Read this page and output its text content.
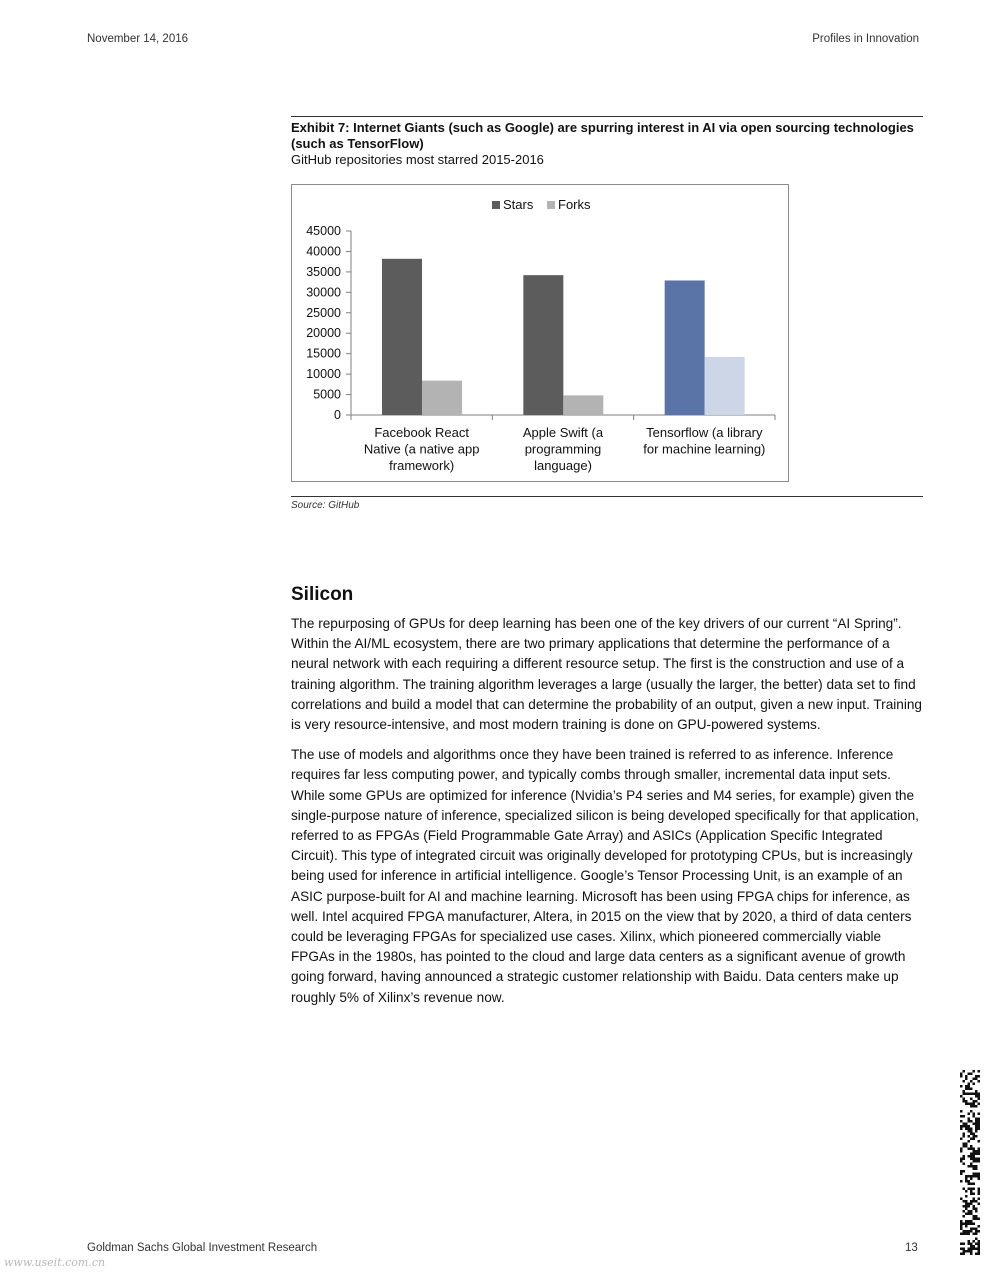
November 14, 2016	Profiles in Innovation
Exhibit 7: Internet Giants (such as Google) are spurring interest in AI via open sourcing technologies (such as TensorFlow)
GitHub repositories most starred 2015-2016
0
5000
10000
15000
20000
25000
30000
35000
40000
45000
Facebook React
Native (a native app
framework)
Apple Swift (a
programming
language)
Tensorflow (a library
for machine learning)
Stars Forks
Source: GitHub
Silicon

The repurposing of GPUs for deep learning has been one of the key drivers of our current “AI Spring”. Within the AI/ML ecosystem, there are two primary applications that determine the performance of a neural network with each requiring a different resource setup. The first is the construction and use of a training algorithm. The training algorithm leverages a large (usually the larger, the better) data set to find correlations and build a model that can determine the probability of an output, given a new input. Training is very resource-intensive, and most modern training is done on GPU-powered systems.

The use of models and algorithms once they have been trained is referred to as inference. Inference requires far less computing power, and typically combs through smaller, incremental data input sets. While some GPUs are optimized for inference (Nvidia’s P4 series and M4 series, for example) given the single-purpose nature of inference, specialized silicon is being developed specifically for that application, referred to as FPGAs (Field Programmable Gate Array) and ASICs (Application Specific Integrated Circuit). This type of integrated circuit was originally developed for prototyping CPUs, but is increasingly being used for inference in artificial intelligence. Google’s Tensor Processing Unit, is an example of an ASIC purpose-built for AI and machine learning. Microsoft has been using FPGA chips for inference, as well. Intel acquired FPGA manufacturer, Altera, in 2015 on the view that by 2020, a third of data centers could be leveraging FPGAs for specialized use cases. Xilinx, which pioneered commercially viable FPGAs in the 1980s, has pointed to the cloud and large data centers as a significant avenue of growth going forward, having announced a strategic customer relationship with Baidu. Data centers make up roughly 5% of Xilinx’s revenue now.

Goldman Sachs Global Investment Research	13
www.useit.com.cn
